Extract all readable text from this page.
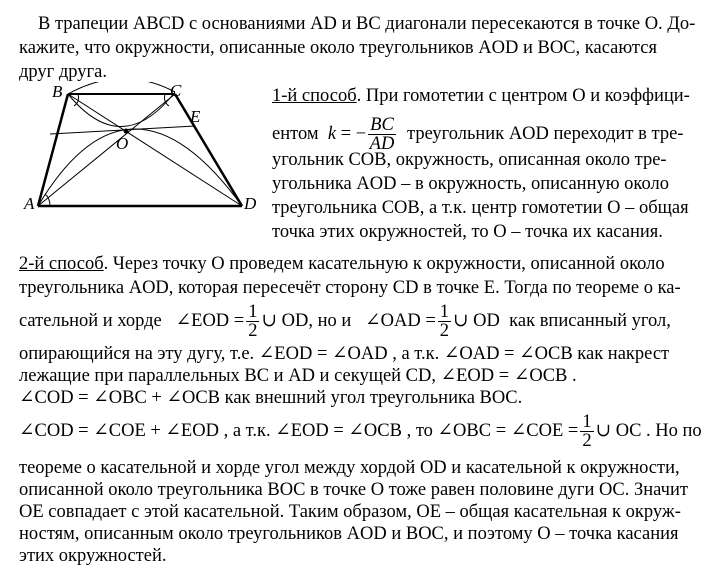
В трапеции ABCD с основаниями AD и BC диагонали пересекаются в точке O. До-
кажите, что окружности, описанные около треугольников AOD и BOC, касаются
друг друга.
B	C
E
O
A	D
1-й способ. При гомотетии с центром O и коэффици-
ентом k = − $\frac{BC}{AD}$ треугольник AOD переходит в тре-
угольник COB, окружность, описанная около тре-
угольника AOD – в окружность, описанную около
треугольника COB, а т.к. центр гомотетии O – общая
точка этих окружностей, то O – точка их касания.
2-й способ. Через точку O проведем касательную к окружности, описанной около
треугольника AOD, которая пересечёт сторону CD в точке E. Тогда по теореме о ка-
сательной и хорде ∠EOD = $\frac{1}{2}$ ∪ OD, но и ∠OAD = $\frac{1}{2}$ ∪ OD как вписанный угол,
опирающийся на эту дугу, т.е. ∠EOD = ∠OAD , а т.к. ∠OAD = ∠OCB как накрест
лежащие при параллельных BC и AD и секущей CD, ∠EOD = ∠OCB .
∠COD = ∠OBC + ∠OCB как внешний угол треугольника BOC.
∠COD = ∠COE + ∠EOD , а т.к. ∠EOD = ∠OCB , то ∠OBC = ∠COE = $\frac{1}{2}$ ∪ OC . Но по
теореме о касательной и хорде угол между хордой OD и касательной к окружности,
описанной около треугольника BOC в точке O тоже равен половине дуги OC. Значит
OE совпадает с этой касательной. Таким образом, OE – общая касательная к окруж-
ностям, описанным около треугольников AOD и BOC, и поэтому O – точка касания
этих окружностей.
